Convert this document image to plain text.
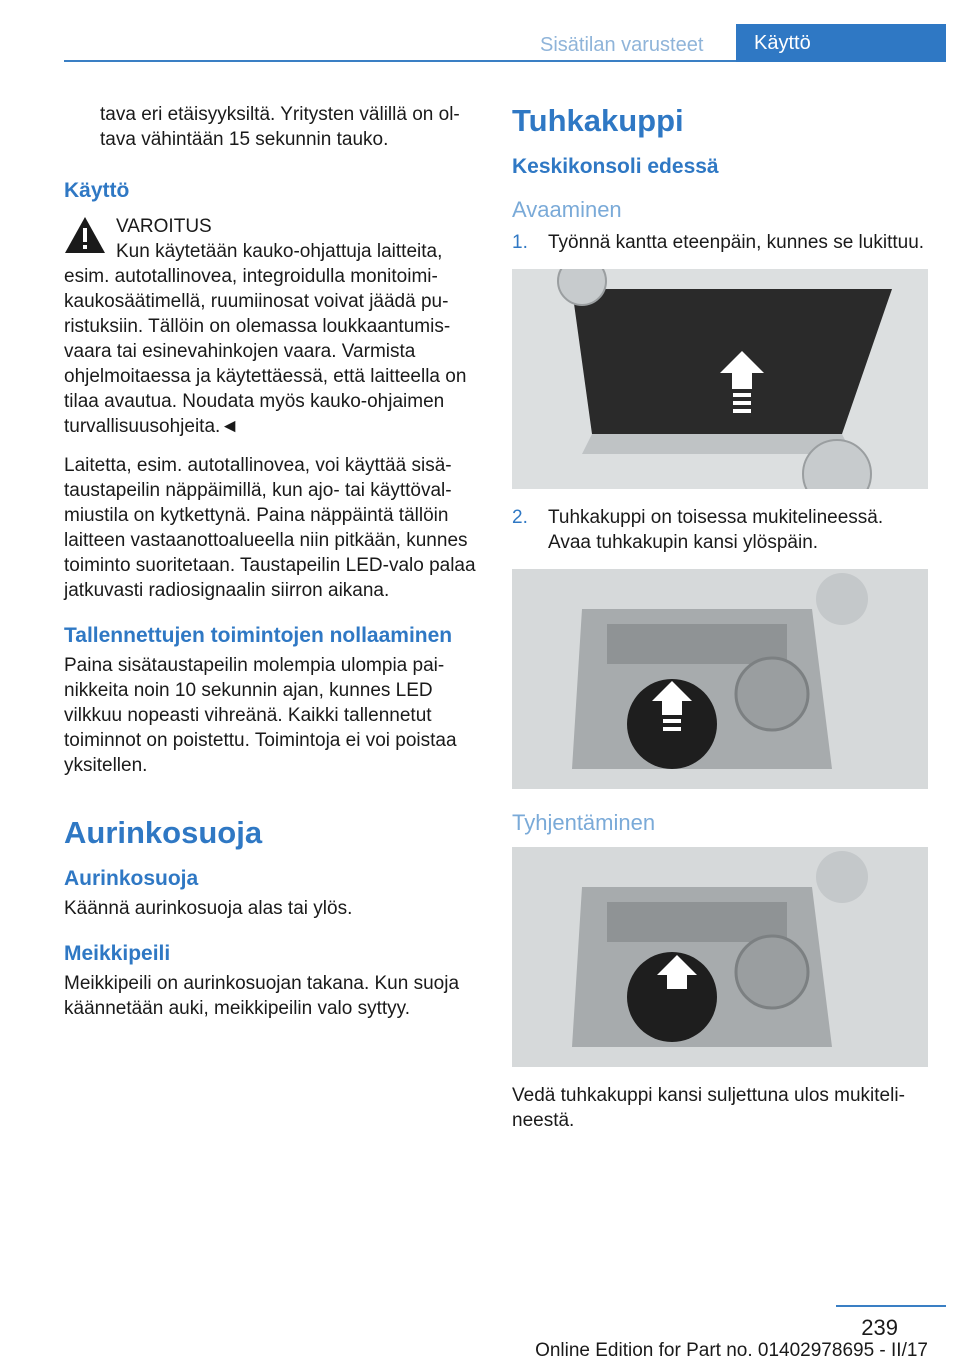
Sisätilan varusteet	Käyttö

tava eri etäisyyksiltä. Yritysten välillä on oltava vähintään 15 sekunnin tauko.

Käyttö
VAROITUS

Kun käytetään kauko-ohjattuja laitteita, esim. autotallinovea, integroidulla monitoimikaukosäätimellä, ruumiinosat voivat jäädä puristuksiin. Tällöin on olemassa loukkaantumisvaara tai esinevahinkojen vaara. Varmista ohjelmoitaessa ja käytettäessä, että laitteella on tilaa avautua. Noudata myös kauko-ohjaimen turvallisuusohjeita.◄

Laitetta, esim. autotallinovea, voi käyttää sisätaustapeilin näppäimillä, kun ajo- tai käyttövalmiustila on kytkettynä. Paina näppäintä tällöin laitteen vastaanottoalueella niin pitkään, kunnes toiminto suoritetaan. Taustapeilin LED-valo palaa jatkuvasti radiosignaalin siirron aikana.

Tallennettujen toimintojen nollaaminen

Paina sisätaustapeilin molempia ulompia painikkeita noin 10 sekunnin ajan, kunnes LED vilkkuu nopeasti vihreänä. Kaikki tallennetut toiminnot on poistettu. Toimintoja ei voi poistaa yksitellen.

Aurinkosuoja
Aurinkosuoja

Käännä aurinkosuoja alas tai ylös.

Meikkipeili

Meikkipeili on aurinkosuojan takana. Kun suoja käännetään auki, meikkipeilin valo syttyy.

Tuhkakuppi
Keskikonsoli edessä
Avaaminen
1. Työnnä kantta eteenpäin, kunnes se lukittuu.
2. Tuhkakuppi on toisessa mukitelineessä. Avaa tuhkakupin kansi ylöspäin.
Tyhjentäminen

Vedä tuhkakuppi kansi suljettuna ulos mukitelineestä.

239
Online Edition for Part no. 01402978695 - II/17
